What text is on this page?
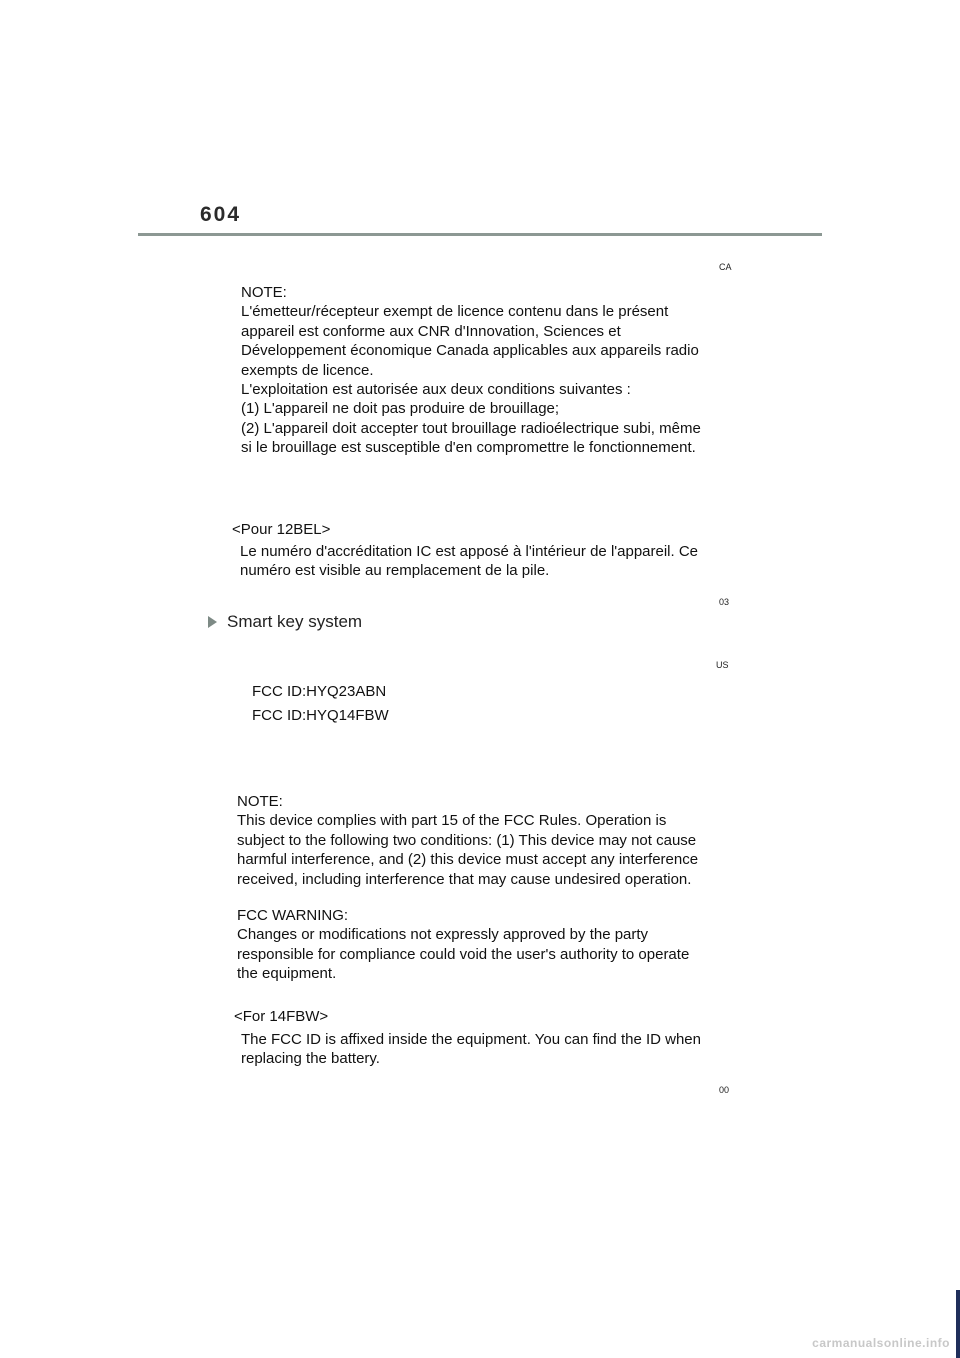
604
CA
NOTE:
L'émetteur/récepteur exempt de licence contenu dans le présent
appareil est conforme aux CNR d'Innovation, Sciences et
Développement économique Canada applicables aux appareils radio
exempts de licence.
L'exploitation est autorisée aux deux conditions suivantes :
(1) L'appareil ne doit pas produire de brouillage;
(2) L'appareil doit accepter tout brouillage radioélectrique subi, même
si le brouillage est susceptible d'en compromettre le fonctionnement.
<Pour 12BEL>
Le numéro d'accréditation IC est apposé à l'intérieur de l'appareil. Ce
numéro est visible au remplacement de la pile.
03
Smart key system
US
FCC ID:HYQ23ABN
FCC ID:HYQ14FBW
NOTE:
This device complies with part 15 of the FCC Rules. Operation is
subject to the following two conditions: (1) This device may not cause
harmful interference, and (2) this device must accept any interference
received, including interference that may cause undesired operation.
FCC WARNING:
Changes or modifications not expressly approved by the party
responsible for compliance could void the user's authority to operate
the equipment.
<For 14FBW>
The FCC ID is affixed inside the equipment. You can find the ID when
replacing the battery.
00
carmanualsonline.info
